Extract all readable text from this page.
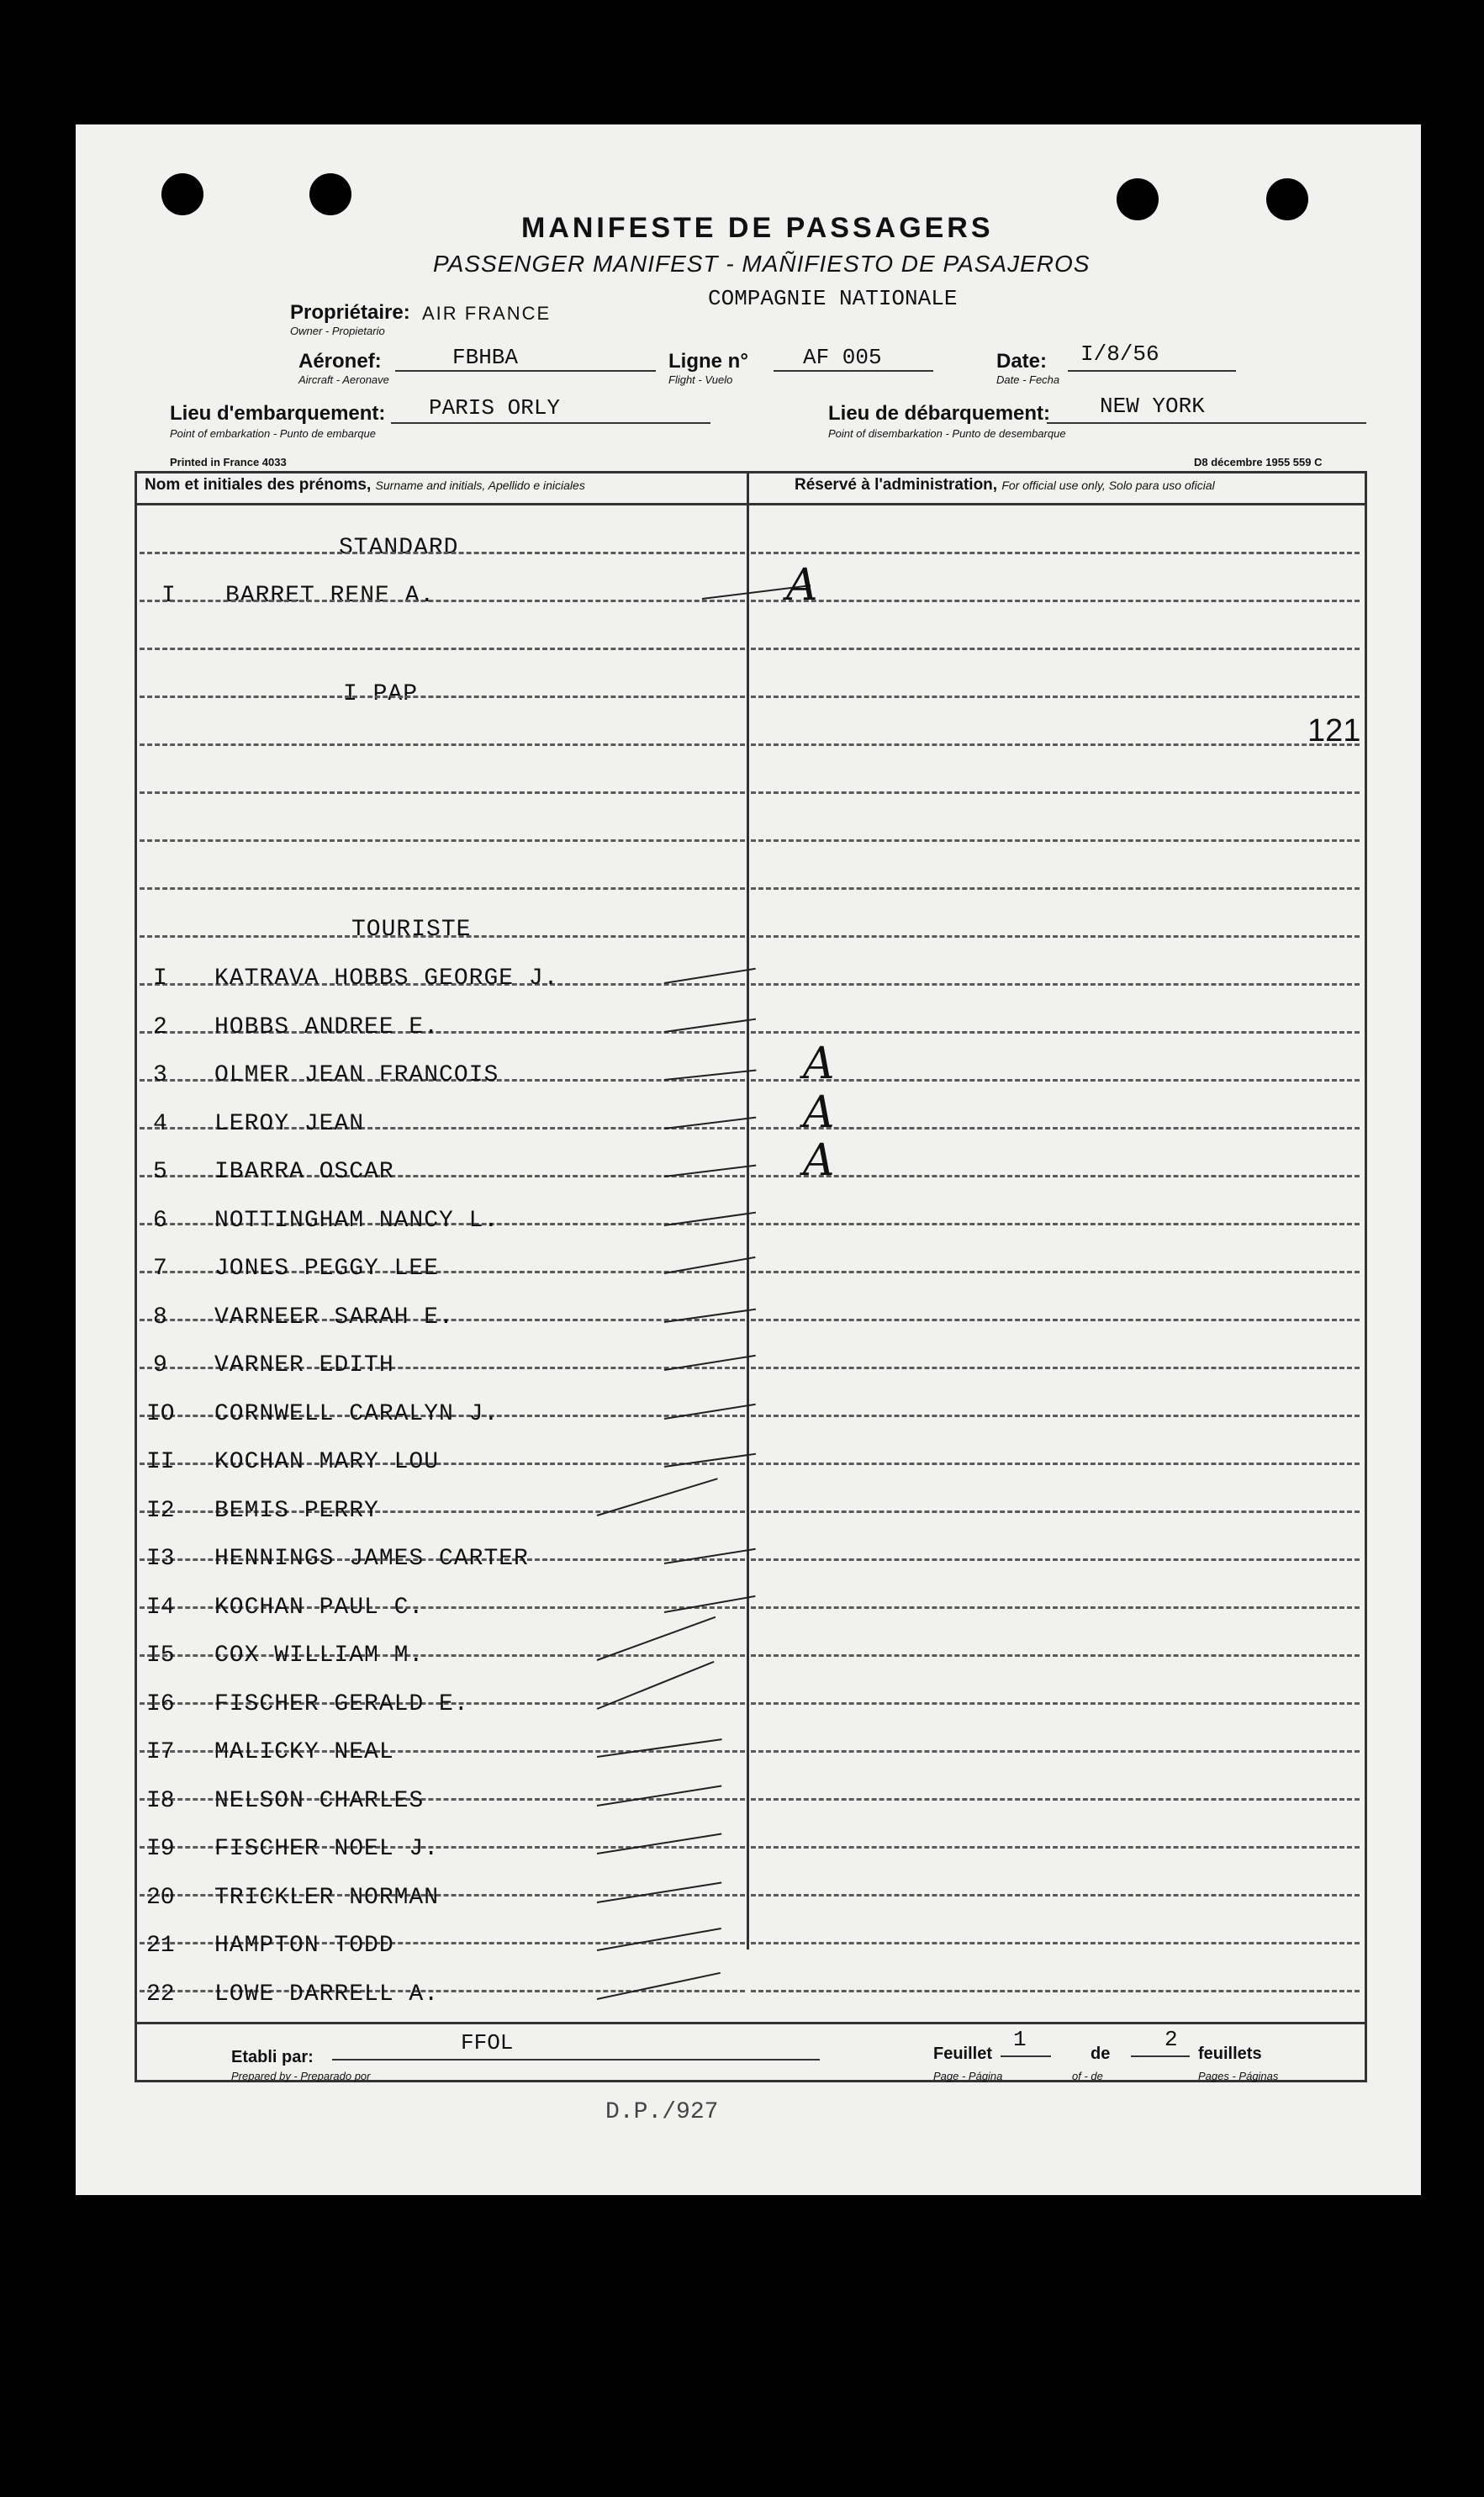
MANIFESTE DE PASSAGERS
PASSENGER MANIFEST - MAÑIFIESTO DE PASAJEROS
Propriétaire: AIR FRANCE
Owner - Propietario
COMPAGNIE NATIONALE
Aéronef:	FBHBA
Aircraft - Aeronave
Ligne n°	AF 005
Flight - Vuelo
Date: I/8/56
Date - Fecha
Lieu d'embarquement: PARIS ORLY
Point of embarkation - Punto de embarque
Lieu de débarquement: NEW YORK
Point of disembarkation - Punto de desembarque
Printed in France 4033	D8 décembre 1955 559 C
Nom et initiales des prénoms, Surname and initials, Apellido e iniciales	Réservé à l'administration, For official use only, Solo para uso oficial
STANDARD
I BARRET RENE A.	A
I PAP
121
TOURISTE
Etabli par:
FFOL
Prepared by - Preparado por
Feuillet
1
de
2
feuillets
Page - Página	of - de	Pages - Páginas
D.P./927
I KATRAVA HOBBS GEORGE J.
2 HOBBS ANDREE E.
3 OLMER JEAN FRANCOIS	A
4 LEROY JEAN	A
5 IBARRA OSCAR	A
6 NOTTINGHAM NANCY L.
7 JONES PEGGY LEE
8 VARNEER SARAH E.
9 VARNER EDITH
IO CORNWELL CARALYN J.
II KOCHAN MARY LOU
I2 BEMIS PERRY
I3 HENNINGS JAMES CARTER
I4 KOCHAN PAUL C.
I5 COX WILLIAM M.
I6 FISCHER GERALD E.
I7 MALICKY NEAL
I8 NELSON CHARLES
I9 FISCHER NOEL J.
20 TRICKLER NORMAN
21 HAMPTON TODD
22 LOWE DARRELL A.
